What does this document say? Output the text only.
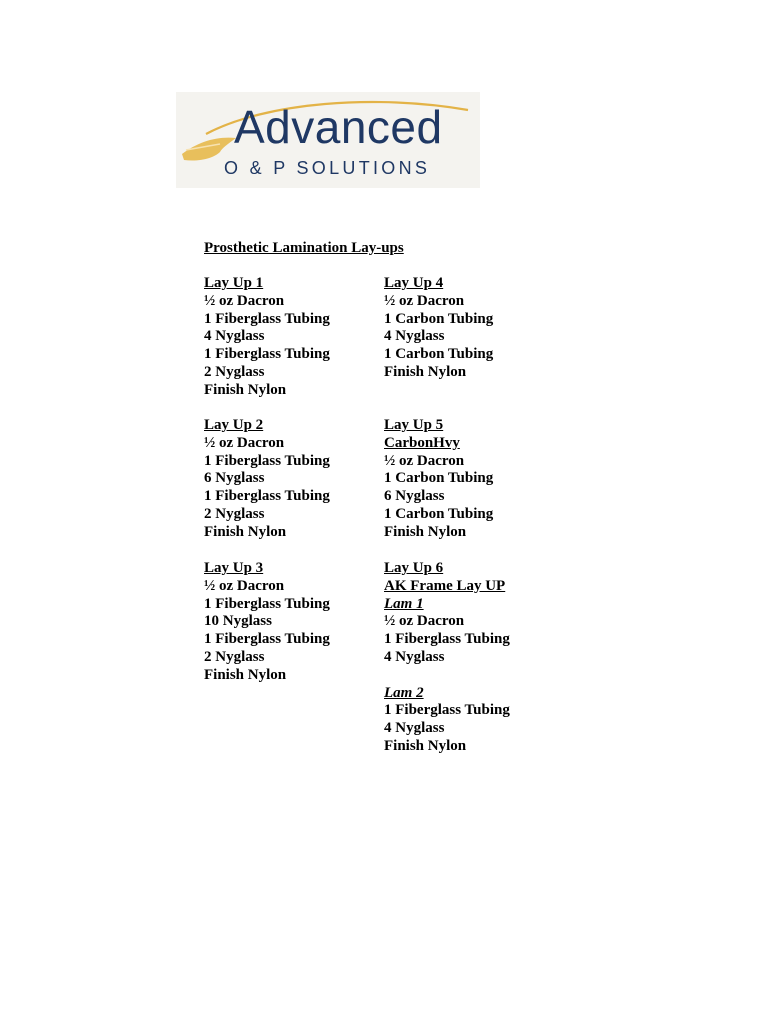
Advanced
O & P SOLUTIONS
Prosthetic Lamination Lay-ups
Lay Up 1
½ oz Dacron
1 Fiberglass Tubing
4 Nyglass
1 Fiberglass Tubing
2 Nyglass
Finish Nylon
Lay Up 2
½ oz Dacron
1 Fiberglass Tubing
6 Nyglass
1 Fiberglass Tubing
2 Nyglass
Finish Nylon
Lay Up 3
½ oz Dacron
1 Fiberglass Tubing
10 Nyglass
1 Fiberglass Tubing
2 Nyglass
Finish Nylon
Lay Up 4
½ oz Dacron
1 Carbon Tubing
4 Nyglass
1 Carbon Tubing
Finish Nylon
Lay Up 5
CarbonHvy
½ oz Dacron
1 Carbon Tubing
6 Nyglass
1 Carbon Tubing
Finish Nylon
Lay Up 6
AK Frame Lay UP
Lam 1
½ oz Dacron
1 Fiberglass Tubing
4 Nyglass
Lam 2
1 Fiberglass Tubing
4 Nyglass
Finish Nylon
